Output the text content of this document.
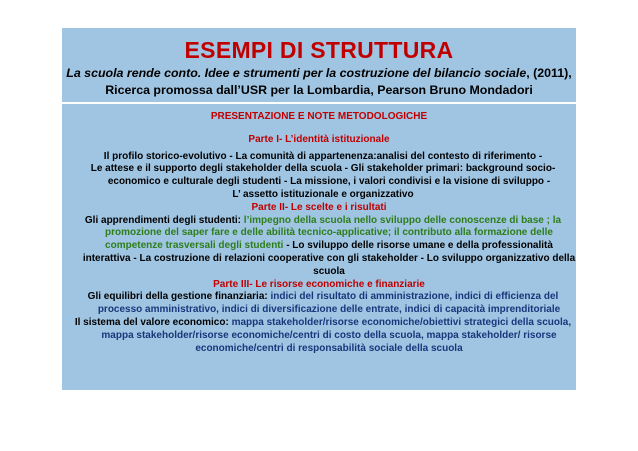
ESEMPI DI STRUTTURA
La scuola rende conto. Idee e strumenti per la costruzione del bilancio sociale, (2011),
Ricerca promossa dall’USR per la Lombardia, Pearson Bruno Mondadori
PRESENTAZIONE E NOTE METODOLOGICHE
Parte I- L’identità istituzionale

Il profilo storico-evolutivo - La comunità di appartenenza:analisi del contesto di riferimento -

Le attese e il supporto degli stakeholder della scuola - Gli stakeholder primari: background socio-economico e culturale degli studenti - La missione, i valori condivisi e la visione di sviluppo -

L’ assetto istituzionale e organizzativo

Parte II- Le scelte e i risultati

Gli apprendimenti degli studenti: l’impegno della scuola nello sviluppo delle conoscenze di base ; la promozione del saper fare e delle abilità tecnico-applicative; il contributo alla formazione delle competenze trasversali degli studenti - Lo sviluppo delle risorse umane e della professionalità interattiva - La costruzione di relazioni cooperative con gli stakeholder - Lo sviluppo organizzativo della scuola

Parte III- Le risorse economiche e finanziarie

Gli equilibri della gestione finanziaria: indici del risultato di amministrazione, indici di efficienza del processo amministrativo, indici di diversificazione delle entrate, indici di capacità imprenditoriale

Il sistema del valore economico: mappa stakeholder/risorse economiche/obiettivi strategici della scuola, mappa stakeholder/risorse economiche/centri di costo della scuola, mappa stakeholder/ risorse economiche/centri di responsabilità sociale della scuola
